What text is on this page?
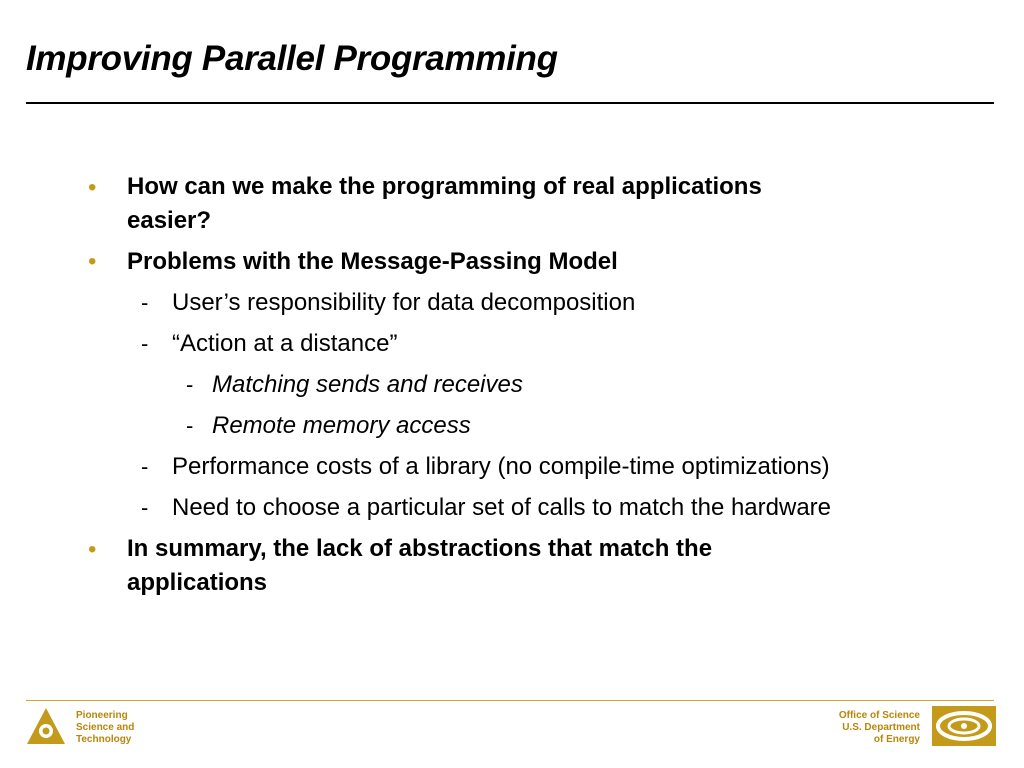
Improving Parallel Programming
• How can we make the programming of real applications
easier?
• Problems with the Message-Passing Model
- User’s responsibility for data decomposition
- “Action at a distance”
- Matching sends and receives
- Remote memory access
- Performance costs of a library (no compile-time optimizations)
- Need to choose a particular set of calls to match the hardware
• In summary, the lack of abstractions that match the
applications
Pioneering
Science and
Technology
Office of Science
U.S. Department
of Energy
